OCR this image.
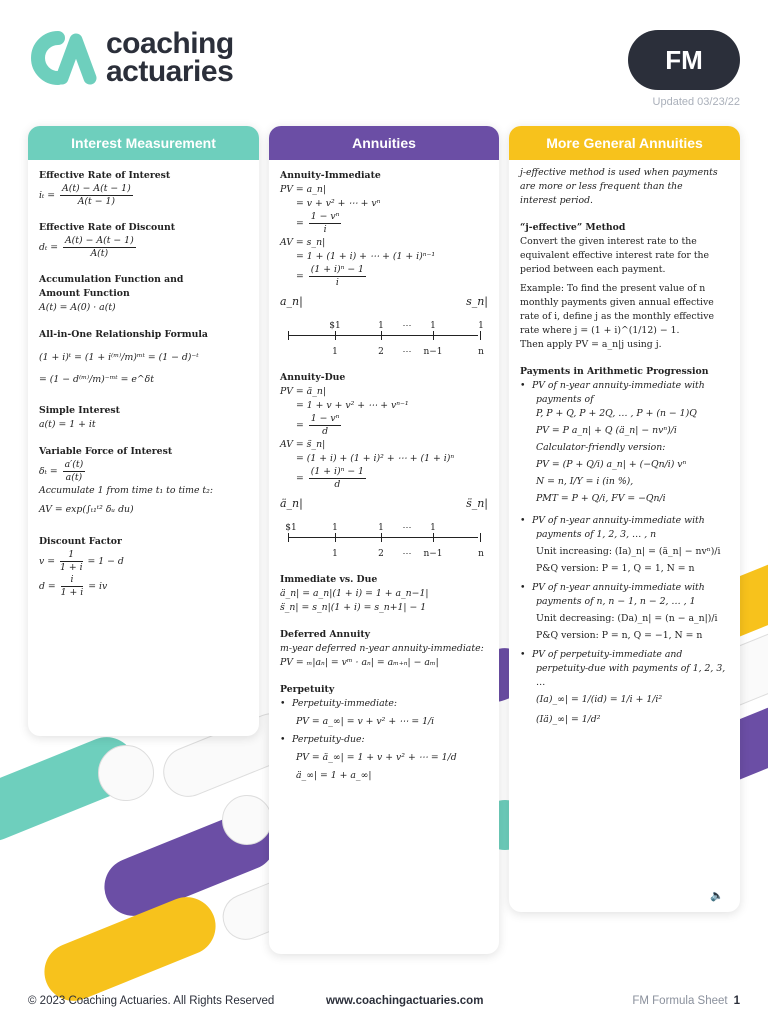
coaching
actuaries	FM
Updated 03/23/22
Interest Measurement
Effective Rate of Interest
$i_t = \frac{A(t) - A(t - 1)}{A(t - 1)}$
Effective Rate of Discount
$d_t = \frac{A(t) - A(t - 1)}{A(t)}$
Accumulation Function and
Amount Function
A(t) = A(0) · a(t)
All-in-One Relationship Formula
(1 + i)ᵗ = (1 + i⁽ᵐ⁾/m)ᵐᵗ = (1 − d)⁻ᵗ
= (1 − d⁽ᵐ⁾/m)⁻ᵐᵗ = e^δt
Simple Interest
a(t) = 1 + it
Variable Force of Interest
$\delta_t = \frac{a'(t)}{a(t)}$
Accumulate 1 from time t₁ to time t₂:
AV = exp(∫ₜ₁ᵗ² δᵤ du)
Discount Factor
$v = \frac{1}{1 + i} = 1 - d$
$d = \frac{i}{1 + i}$ = iv
Annuities
Annuity-Immediate
PV = a_n|
= v + v² + ⋯ + vⁿ
= $\frac{\text{1 − vⁿ}}{i}$
AV = s_n|
= 1 + (1 + i) + ⋯ + (1 + i)ⁿ⁻¹
= $\frac{\text{(1 + i)ⁿ − 1}}{i}$
a_n|	s_n|
$1	1	⋯	1	1
1	2	⋯	n−1	n
Annuity-Due
PV = ä_n|
= 1 + v + v² + ⋯ + vⁿ⁻¹
= $\frac{\text{1 − vⁿ}}{d}$
AV = s̈_n|
= (1 + i) + (1 + i)² + ⋯ + (1 + i)ⁿ
= $\frac{\text{(1 + i)ⁿ − 1}}{d}$
ä_n|	s̈_n|
$1	1	1	⋯	1
1	2	⋯	n−1	n
Immediate vs. Due
ä_n| = a_n|(1 + i) = 1 + a_n−1|
s̈_n| = s_n|(1 + i) = s_n+1| − 1
Deferred Annuity
m-year deferred n-year annuity-immediate:
PV = ₘ|aₙ| = vᵐ · aₙ| = aₘ₊ₙ| − aₘ|
Perpetuity
• Perpetuity-immediate:
PV = a_∞| = v + v² + ⋯ = 1/i
• Perpetuity-due:
PV = ä_∞| = 1 + v + v² + ⋯ = 1/d
ä_∞| = 1 + a_∞|
More General Annuities
j-effective method is used when payments
are more or less frequent than the
interest period.
“j-effective” Method
Convert the given interest rate to the
equivalent effective interest rate for the
period between each payment.
Example: To find the present value of n
monthly payments given annual effective
rate of i, define j as the monthly effective
rate where j = (1 + i)^(1/12) − 1.
Then apply PV = a_n|j using j.
Payments in Arithmetic Progression
• PV of n-year annuity-immediate with
payments of
P, P + Q, P + 2Q, … , P + (n − 1)Q
PV = P a_n| + Q (ä_n| − nvⁿ)/i
Calculator-friendly version:
PV = (P + Q/i) a_n| + (−Qn/i) vⁿ
N = n, I/Y = i (in %),
PMT = P + Q/i, FV = −Qn/i
• PV of n-year annuity-immediate with
payments of 1, 2, 3, … , n
Unit increasing: (Ia)_n| = (ä_n| − nvⁿ)/i
P&Q version: P = 1, Q = 1, N = n
• PV of n-year annuity-immediate with
payments of n, n − 1, n − 2, … , 1
Unit decreasing: (Da)_n| = (n − a_n|)/i
P&Q version: P = n, Q = −1, N = n
• PV of perpetuity-immediate and
perpetuity-due with payments of 1, 2, 3, …
(Ia)_∞| = 1/(id) = 1/i + 1/i²
(Iä)_∞| = 1/d²
🔈
© 2023 Coaching Actuaries. All Rights Reserved	www.coachingactuaries.com	FM Formula Sheet 1
